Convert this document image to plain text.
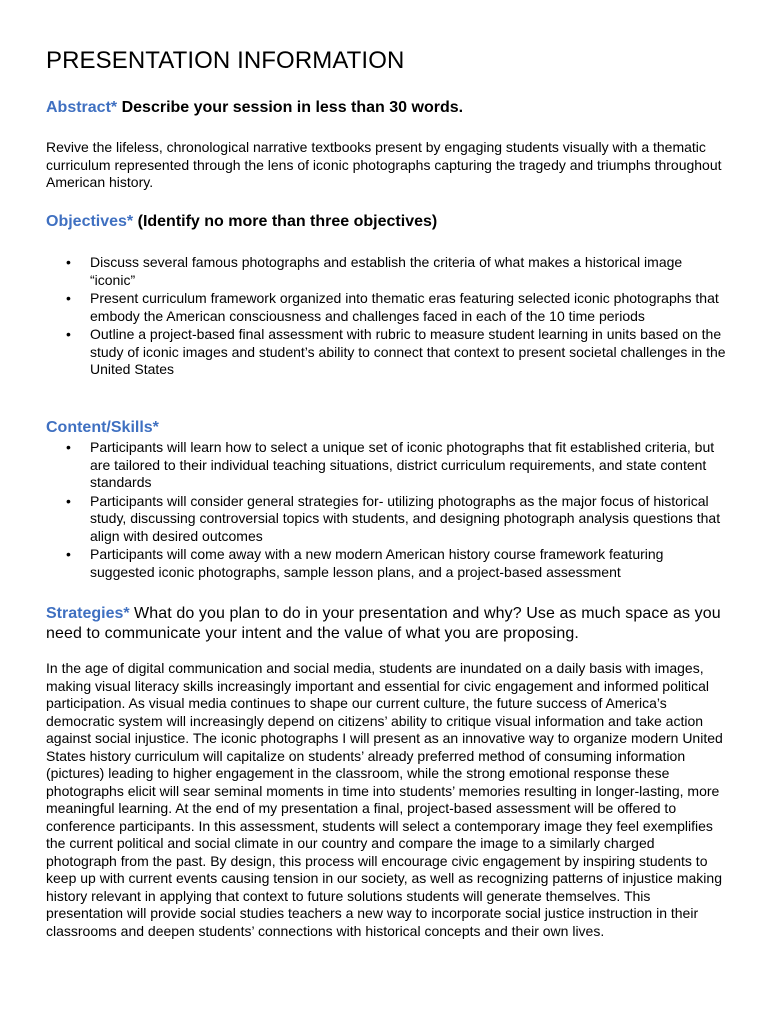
PRESENTATION INFORMATION

Abstract* Describe your session in less than 30 words.

Revive the lifeless, chronological narrative textbooks present by engaging students visually with a thematic curriculum represented through the lens of iconic photographs capturing the tragedy and triumphs throughout American history.

Objectives* (Identify no more than three objectives)

• Discuss several famous photographs and establish the criteria of what makes a historical image “iconic”
• Present curriculum framework organized into thematic eras featuring selected iconic photographs that embody the American consciousness and challenges faced in each of the 10 time periods
• Outline a project-based final assessment with rubric to measure student learning in units based on the study of iconic images and student’s ability to connect that context to present societal challenges in the United States

Content/Skills*

• Participants will learn how to select a unique set of iconic photographs that fit established criteria, but are tailored to their individual teaching situations, district curriculum requirements, and state content standards
• Participants will consider general strategies for- utilizing photographs as the major focus of historical study, discussing controversial topics with students, and designing photograph analysis questions that align with desired outcomes
• Participants will come away with a new modern American history course framework featuring suggested iconic photographs, sample lesson plans, and a project-based assessment

Strategies* What do you plan to do in your presentation and why? Use as much space as you need to communicate your intent and the value of what you are proposing.

In the age of digital communication and social media, students are inundated on a daily basis with images, making visual literacy skills increasingly important and essential for civic engagement and informed political participation. As visual media continues to shape our current culture, the future success of America’s democratic system will increasingly depend on citizens’ ability to critique visual information and take action against social injustice. The iconic photographs I will present as an innovative way to organize modern United States history curriculum will capitalize on students’ already preferred method of consuming information (pictures) leading to higher engagement in the classroom, while the strong emotional response these photographs elicit will sear seminal moments in time into students’ memories resulting in longer-lasting, more meaningful learning. At the end of my presentation a final, project-based assessment will be offered to conference participants. In this assessment, students will select a contemporary image they feel exemplifies the current political and social climate in our country and compare the image to a similarly charged photograph from the past. By design, this process will encourage civic engagement by inspiring students to keep up with current events causing tension in our society, as well as recognizing patterns of injustice making history relevant in applying that context to future solutions students will generate themselves. This presentation will provide social studies teachers a new way to incorporate social justice instruction in their classrooms and deepen students’ connections with historical concepts and their own lives.
